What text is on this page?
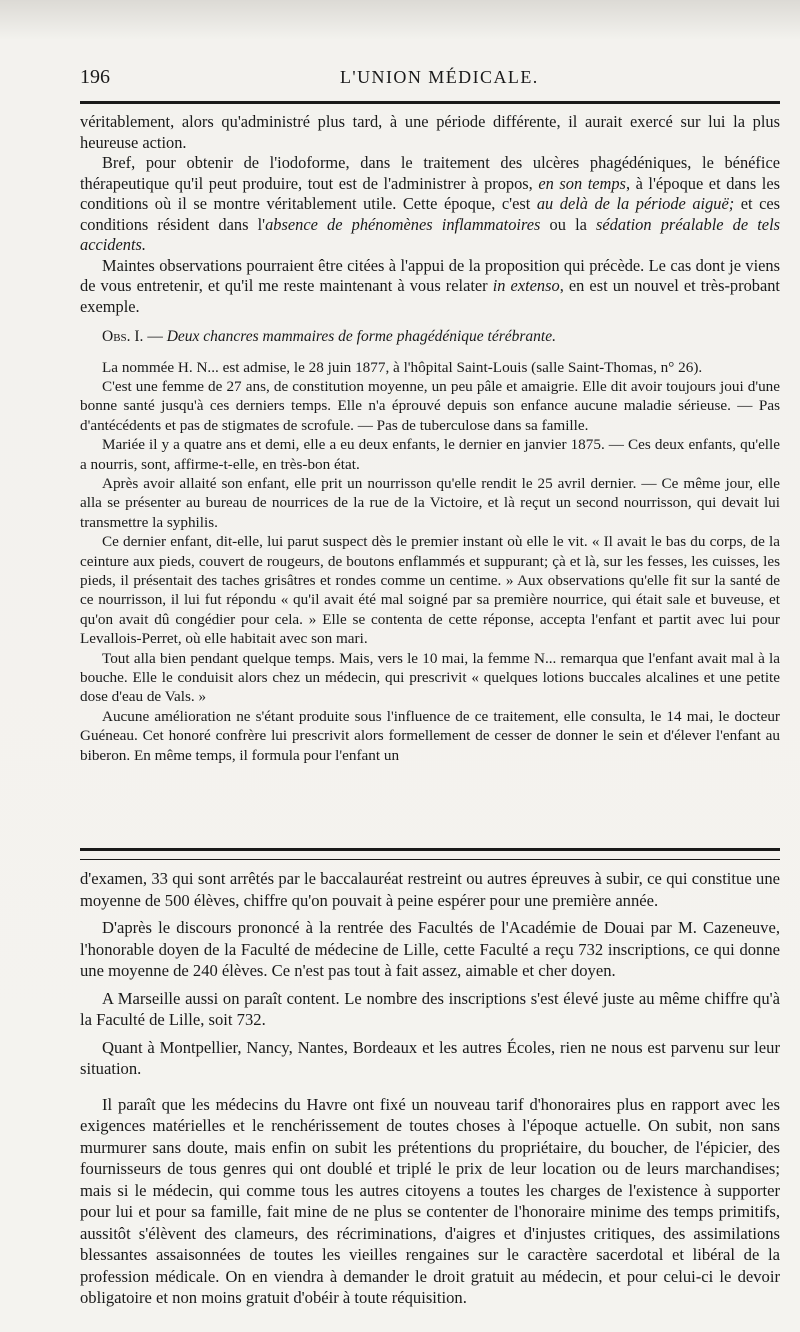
196	L'UNION MÉDICALE.

véritablement, alors qu'administré plus tard, à une période différente, il aurait exercé sur lui la plus heureuse action.

Bref, pour obtenir de l'iodoforme, dans le traitement des ulcères phagédéniques, le bénéfice thérapeutique qu'il peut produire, tout est de l'administrer à propos, en son temps, à l'époque et dans les conditions où il se montre véritablement utile. Cette époque, c'est au delà de la période aiguë; et ces conditions résident dans l'absence de phénomènes inflammatoires ou la sédation préalable de tels accidents.

Maintes observations pourraient être citées à l'appui de la proposition qui précède. Le cas dont je viens de vous entretenir, et qu'il me reste maintenant à vous relater in extenso, en est un nouvel et très-probant exemple.

Obs. I. — Deux chancres mammaires de forme phagédénique térébrante.

La nommée H. N... est admise, le 28 juin 1877, à l'hôpital Saint-Louis (salle Saint-Thomas, n° 26).

C'est une femme de 27 ans, de constitution moyenne, un peu pâle et amaigrie. Elle dit avoir toujours joui d'une bonne santé jusqu'à ces derniers temps. Elle n'a éprouvé depuis son enfance aucune maladie sérieuse. — Pas d'antécédents et pas de stigmates de scrofule. — Pas de tuberculose dans sa famille.

Mariée il y a quatre ans et demi, elle a eu deux enfants, le dernier en janvier 1875. — Ces deux enfants, qu'elle a nourris, sont, affirme-t-elle, en très-bon état.

Après avoir allaité son enfant, elle prit un nourrisson qu'elle rendit le 25 avril dernier. — Ce même jour, elle alla se présenter au bureau de nourrices de la rue de la Victoire, et là reçut un second nourrisson, qui devait lui transmettre la syphilis.

Ce dernier enfant, dit-elle, lui parut suspect dès le premier instant où elle le vit. « Il avait le bas du corps, de la ceinture aux pieds, couvert de rougeurs, de boutons enflammés et suppurant; çà et là, sur les fesses, les cuisses, les pieds, il présentait des taches grisâtres et rondes comme un centime. » Aux observations qu'elle fit sur la santé de ce nourrisson, il lui fut répondu « qu'il avait été mal soigné par sa première nourrice, qui était sale et buveuse, et qu'on avait dû congédier pour cela. » Elle se contenta de cette réponse, accepta l'enfant et partit avec lui pour Levallois-Perret, où elle habitait avec son mari.

Tout alla bien pendant quelque temps. Mais, vers le 10 mai, la femme N... remarqua que l'enfant avait mal à la bouche. Elle le conduisit alors chez un médecin, qui prescrivit « quelques lotions buccales alcalines et une petite dose d'eau de Vals. »

Aucune amélioration ne s'étant produite sous l'influence de ce traitement, elle consulta, le 14 mai, le docteur Guéneau. Cet honoré confrère lui prescrivit alors formellement de cesser de donner le sein et d'élever l'enfant au biberon. En même temps, il formula pour l'enfant un

d'examen, 33 qui sont arrêtés par le baccalauréat restreint ou autres épreuves à subir, ce qui constitue une moyenne de 500 élèves, chiffre qu'on pouvait à peine espérer pour une première année.

D'après le discours prononcé à la rentrée des Facultés de l'Académie de Douai par M. Cazeneuve, l'honorable doyen de la Faculté de médecine de Lille, cette Faculté a reçu 732 inscriptions, ce qui donne une moyenne de 240 élèves. Ce n'est pas tout à fait assez, aimable et cher doyen.

A Marseille aussi on paraît content. Le nombre des inscriptions s'est élevé juste au même chiffre qu'à la Faculté de Lille, soit 732.

Quant à Montpellier, Nancy, Nantes, Bordeaux et les autres Écoles, rien ne nous est parvenu sur leur situation.

Il paraît que les médecins du Havre ont fixé un nouveau tarif d'honoraires plus en rapport avec les exigences matérielles et le renchérissement de toutes choses à l'époque actuelle. On subit, non sans murmurer sans doute, mais enfin on subit les prétentions du propriétaire, du boucher, de l'épicier, des fournisseurs de tous genres qui ont doublé et triplé le prix de leur location ou de leurs marchandises; mais si le médecin, qui comme tous les autres citoyens a toutes les charges de l'existence à supporter pour lui et pour sa famille, fait mine de ne plus se contenter de l'honoraire minime des temps primitifs, aussitôt s'élèvent des clameurs, des récriminations, d'aigres et d'injustes critiques, des assimilations blessantes assaisonnées de toutes les vieilles rengaines sur le caractère sacerdotal et libéral de la profession médicale. On en viendra à demander le droit gratuit au médecin, et pour celui-ci le devoir obligatoire et non moins gratuit d'obéir à toute réquisition.
